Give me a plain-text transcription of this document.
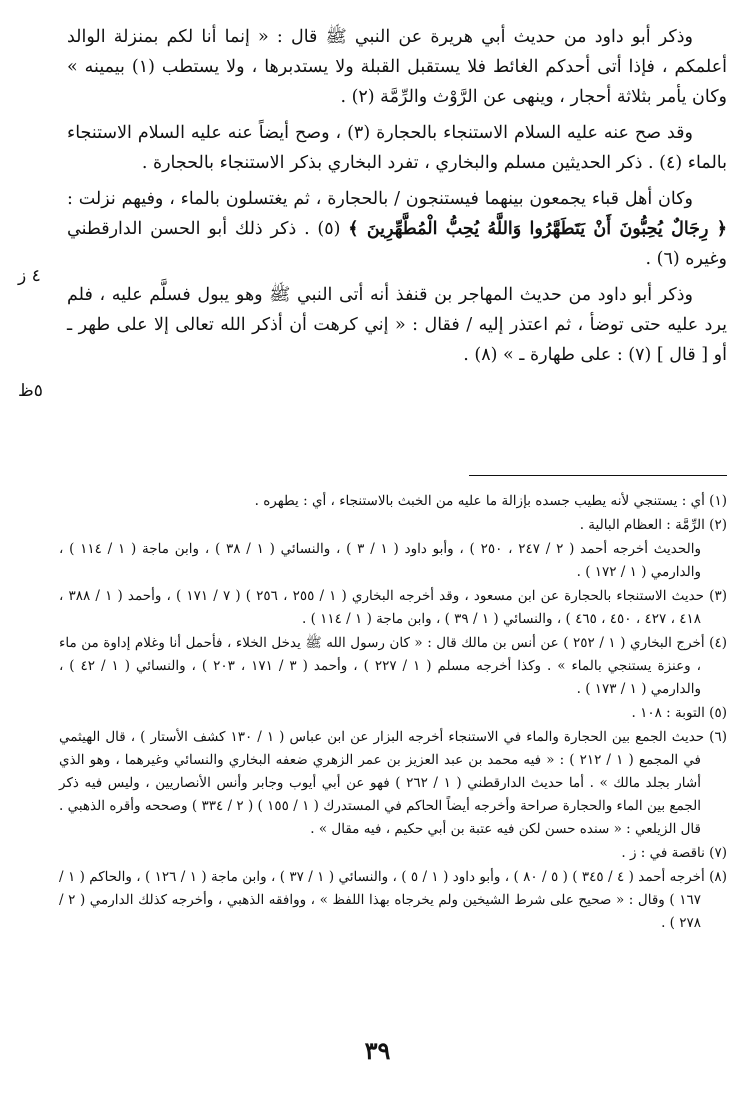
٤ ز
٥ظ

وذكر أبو داود من حديث أبي هريرة عن النبي ﷺ قال : « إنما أنا لكم بمنزلة الوالد أعلمكم ، فإذا أتى أحدكم الغائط فلا يستقبل القبلة ولا يستدبرها ، ولا يستطب (١) بيمينه » وكان يأمر بثلاثة أحجار ، وينهى عن الرَّوْث والرِّمَّة (٢) .

وقد صح عنه عليه السلام الاستنجاء بالحجارة (٣) ، وصح أيضاً عنه عليه السلام الاستنجاء بالماء (٤) . ذكر الحديثين مسلم والبخاري ، تفرد البخاري بذكر الاستنجاء بالحجارة .

وكان أهل قباء يجمعون بينهما فيستنجون / بالحجارة ، ثم يغتسلون بالماء ، وفيهم نزلت : ﴿ رِجَالٌ يُحِبُّونَ أَنْ يَتَطَهَّرُوا وَاللَّهُ يُحِبُّ الْمُطَّهِّرِينَ ﴾ (٥) . ذكر ذلك أبو الحسن الدارقطني وغيره (٦) .

وذكر أبو داود من حديث المهاجر بن قنفذ أنه أتى النبي ﷺ وهو يبول فسلَّم عليه ، فلم يرد عليه حتى توضأ ، ثم اعتذر إليه / فقال : « إني كرهت أن أذكر الله تعالى إلا على طهر ـ أو [ قال ] (٧) : على طهارة ـ » (٨) .

(١) أي : يستنجي لأنه يطيب جسده بإزالة ما عليه من الخبث بالاستنجاء ، أي : يطهره .
(٢) الرِّمَّة : العظام البالية .
والحديث أخرجه أحمد ( ٢ / ٢٤٧ ، ٢٥٠ ) ، وأبو داود ( ١ / ٣ ) ، والنسائي ( ١ / ٣٨ ) ، وابن ماجة ( ١ / ١١٤ ) ، والدارمي ( ١ / ١٧٢ ) .
(٣) حديث الاستنجاء بالحجارة عن ابن مسعود ، وقد أخرجه البخاري ( ١ / ٢٥٥ ، ٢٥٦ ) ( ٧ / ١٧١ ) ، وأحمد ( ١ / ٣٨٨ ، ٤١٨ ، ٤٢٧ ، ٤٥٠ ، ٤٦٥ ) ، والنسائي ( ١ / ٣٩ ) ، وابن ماجة ( ١ / ١١٤ ) .
(٤) أخرج البخاري ( ١ / ٢٥٢ ) عن أنس بن مالك قال : « كان رسول الله ﷺ يدخل الخلاء ، فأحمل أنا وغلام إداوة من ماء ، وعنزة يستنجي بالماء » . وكذا أخرجه مسلم ( ١ / ٢٢٧ ) ، وأحمد ( ٣ / ١٧١ ، ٢٠٣ ) ، والنسائي ( ١ / ٤٢ ) ، والدارمي ( ١ / ١٧٣ ) .
(٥) التوبة : ١٠٨ .
(٦) حديث الجمع بين الحجارة والماء في الاستنجاء أخرجه البزار عن ابن عباس ( ١ / ١٣٠ كشف الأستار ) ، قال الهيثمي في المجمع ( ١ / ٢١٢ ) : « فيه محمد بن عبد العزيز بن عمر الزهري ضعفه البخاري والنسائي وغيرهما ، وهو الذي أشار بجلد مالك » . أما حديث الدارقطني ( ١ / ٢٦٢ ) فهو عن أبي أيوب وجابر وأنس الأنصاريين ، وليس فيه ذكر الجمع بين الماء والحجارة صراحة وأخرجه أيضاً الحاكم في المستدرك ( ١ / ١٥٥ ) ( ٢ / ٣٣٤ ) وصححه وأقره الذهبي . قال الزيلعي : « سنده حسن لكن فيه عتبة بن أبي حكيم ، فيه مقال » .
(٧) ناقصة في : ز .
(٨) أخرجه أحمد ( ٤ / ٣٤٥ ) ( ٥ / ٨٠ ) ، وأبو داود ( ١ / ٥ ) ، والنسائي ( ١ / ٣٧ ) ، وابن ماجة ( ١ / ١٢٦ ) ، والحاكم ( ١ / ١٦٧ ) وقال : « صحيح على شرط الشيخين ولم يخرجاه بهذا اللفظ » ، ووافقه الذهبي ، وأخرجه كذلك الدارمي ( ٢ / ٢٧٨ ) .
٣٩
